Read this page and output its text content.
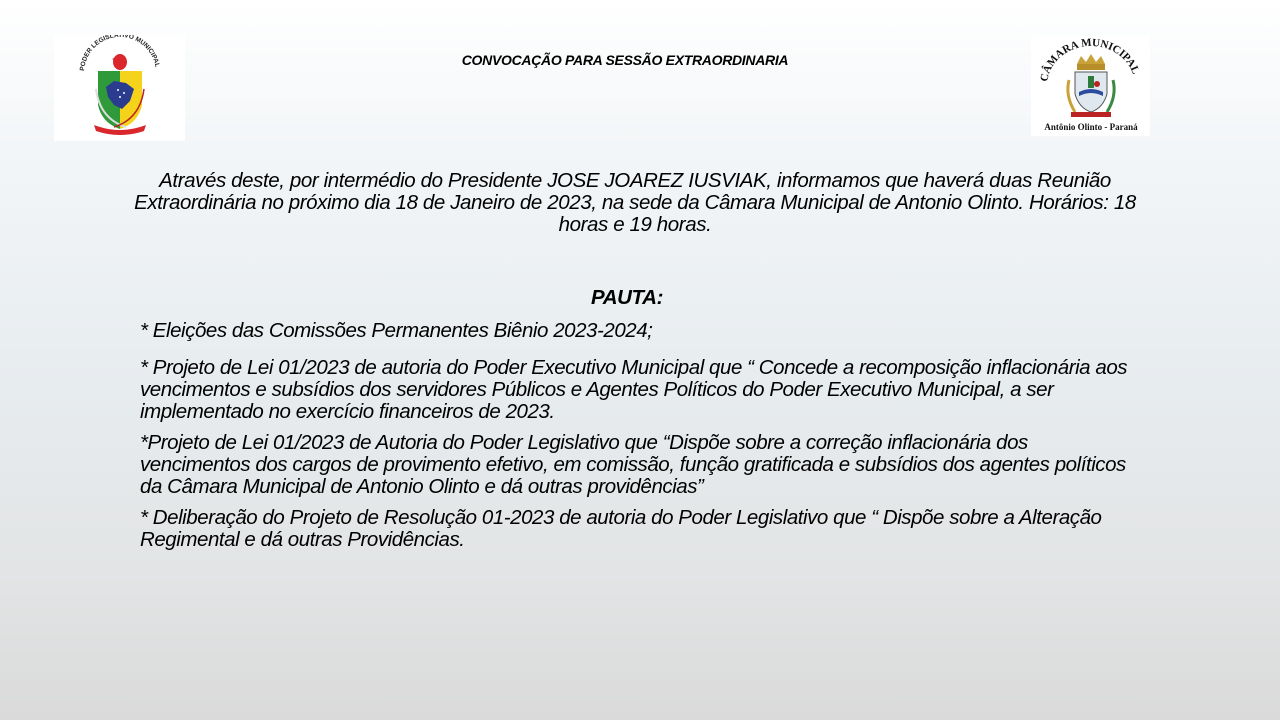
PODER LEGISLATIVO MUNICIPAL	CONVOCAÇÃO PARA SESSÃO EXTRAORDINARIA
CÂMARA MUNICIPAL
Antônio Olinto - Paraná
Através deste, por intermédio do Presidente JOSE JOAREZ IUSVIAK, informamos que haverá duas Reunião Extraordinária no próximo dia 18 de Janeiro de 2023, na sede da Câmara Municipal de Antonio Olinto. Horários: 18 horas e 19 horas.
PAUTA:
* Eleições das Comissões Permanentes Biênio 2023-2024;
* Projeto de Lei 01/2023 de autoria do Poder Executivo Municipal que “ Concede a recomposição inflacionária aos vencimentos e subsídios dos servidores Públicos e Agentes Políticos do Poder Executivo Municipal, a ser implementado no exercício financeiros de 2023.
*Projeto de Lei 01/2023 de Autoria do Poder Legislativo que “Dispõe sobre a correção inflacionária dos vencimentos dos cargos de provimento efetivo, em comissão, função gratificada e subsídios dos agentes políticos da Câmara Municipal de Antonio Olinto e dá outras providências”
* Deliberação do Projeto de Resolução 01-2023 de autoria do Poder Legislativo que “ Dispõe sobre a Alteração Regimental e dá outras Providências.
